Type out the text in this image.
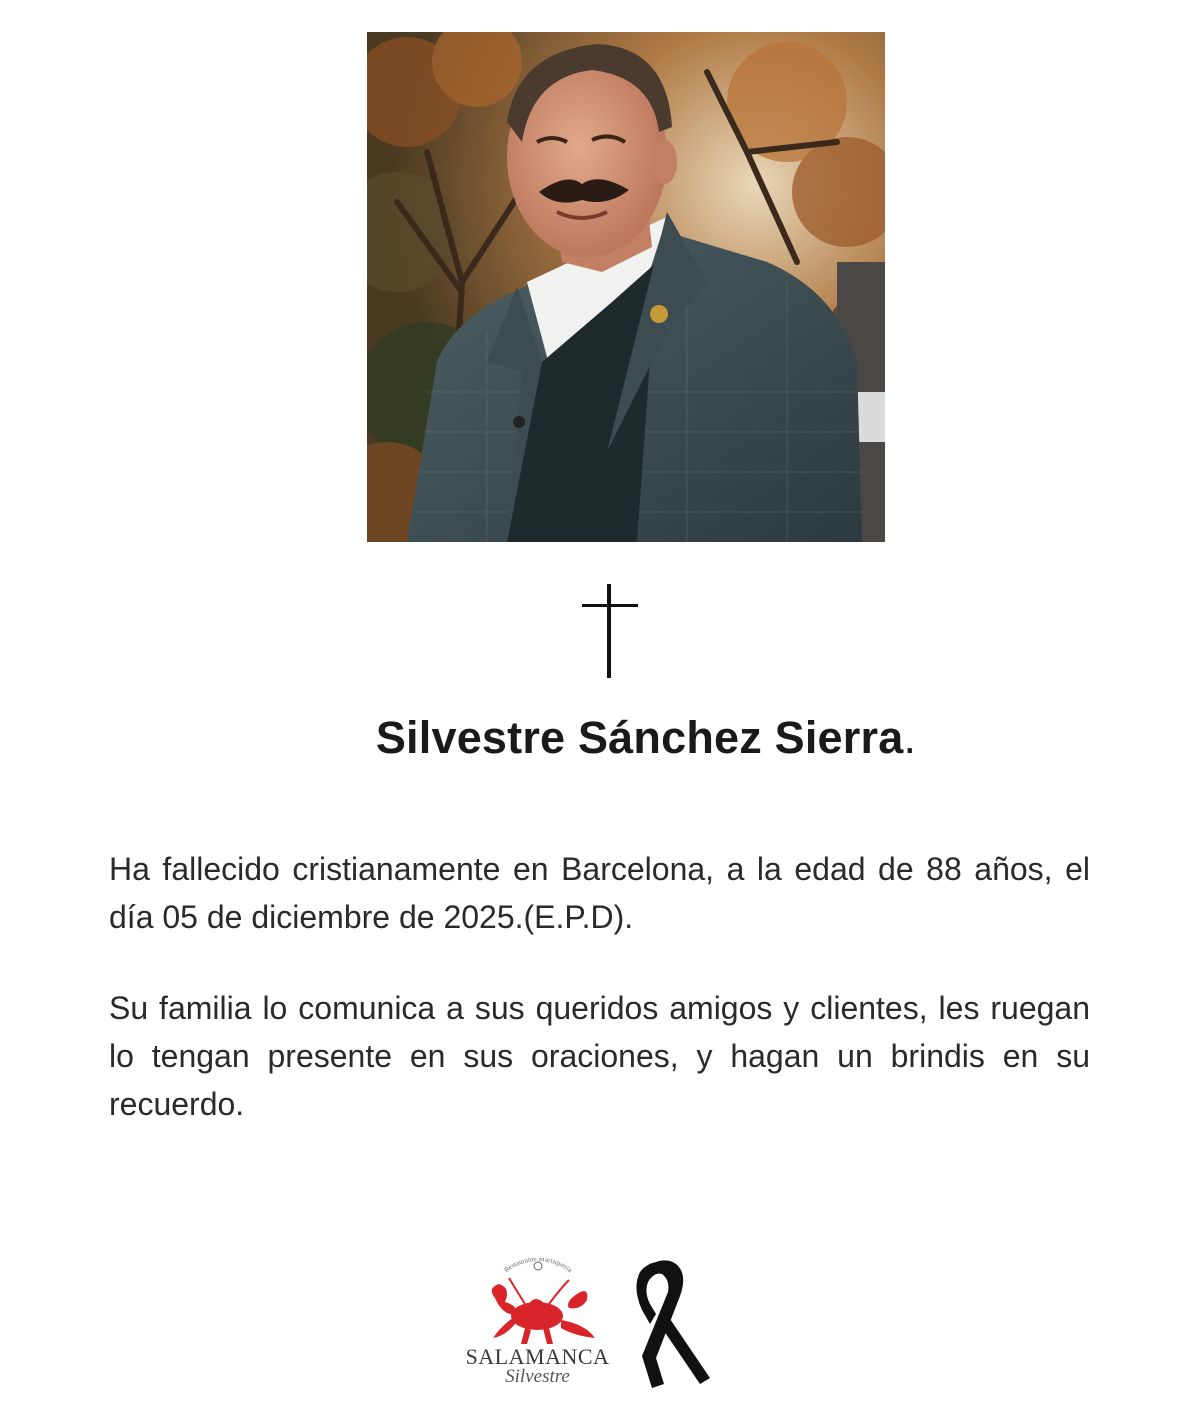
Silvestre Sánchez Sierra.

Ha fallecido cristianamente en Barcelona, a la edad de 88 años, el día 05 de diciembre de 2025.(E.P.D).

Su familia lo comunica a sus queridos amigos y clientes, les ruegan lo tengan presente en sus oraciones, y hagan un brindis en su recuerdo.

Restaurante Marisquería
SALAMANCA
Silvestre
